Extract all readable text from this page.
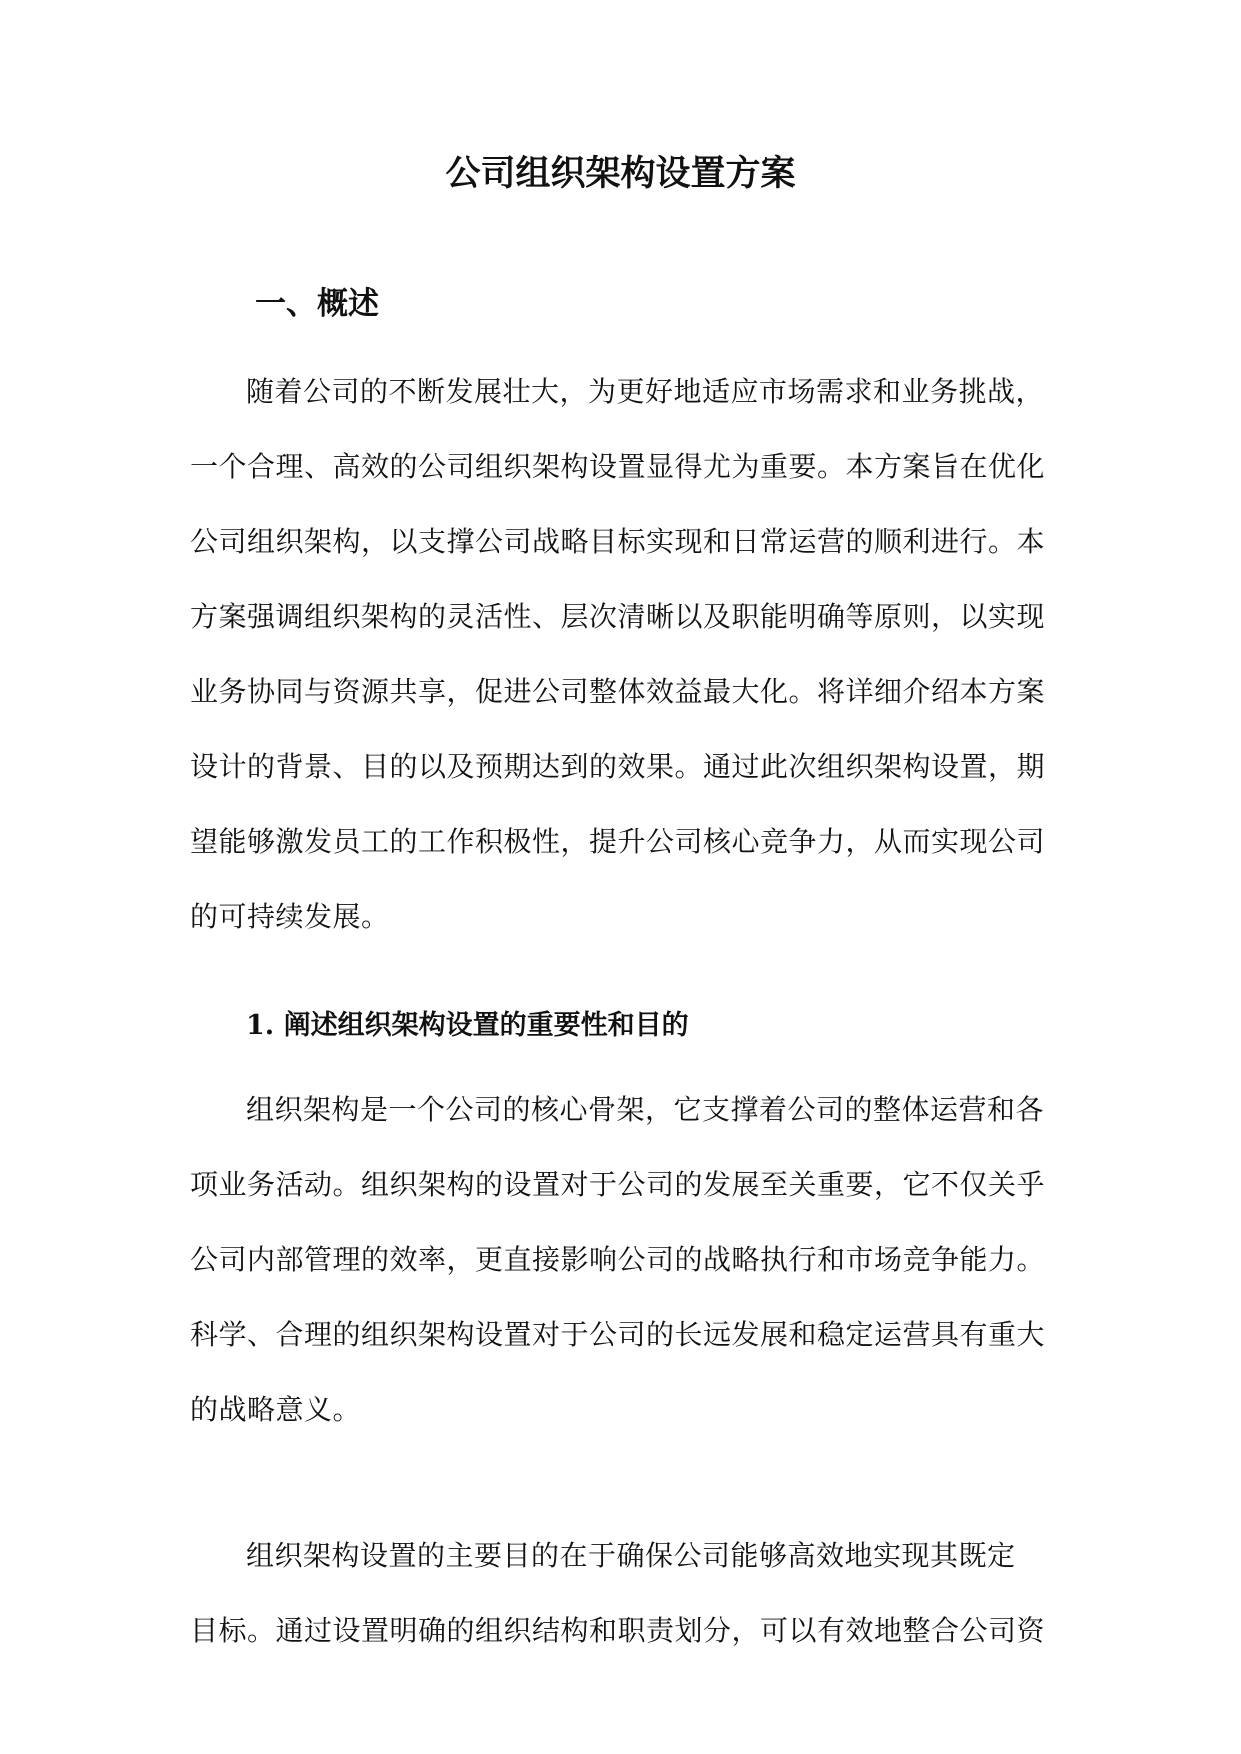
公司组织架构设置方案
一、概述

随着公司的不断发展壮大，为更好地适应市场需求和业务挑战，
一个合理、高效的公司组织架构设置显得尤为重要。本方案旨在优化
公司组织架构，以支撑公司战略目标实现和日常运营的顺利进行。本
方案强调组织架构的灵活性、层次清晰以及职能明确等原则，以实现
业务协同与资源共享，促进公司整体效益最大化。将详细介绍本方案
设计的背景、目的以及预期达到的效果。通过此次组织架构设置，期
望能够激发员工的工作积极性，提升公司核心竞争力，从而实现公司
的可持续发展。

1. 阐述组织架构设置的重要性和目的

组织架构是一个公司的核心骨架，它支撑着公司的整体运营和各
项业务活动。组织架构的设置对于公司的发展至关重要，它不仅关乎
公司内部管理的效率，更直接影响公司的战略执行和市场竞争能力。
科学、合理的组织架构设置对于公司的长远发展和稳定运营具有重大
的战略意义。

组织架构设置的主要目的在于确保公司能够高效地实现其既定
目标。通过设置明确的组织结构和职责划分，可以有效地整合公司资
